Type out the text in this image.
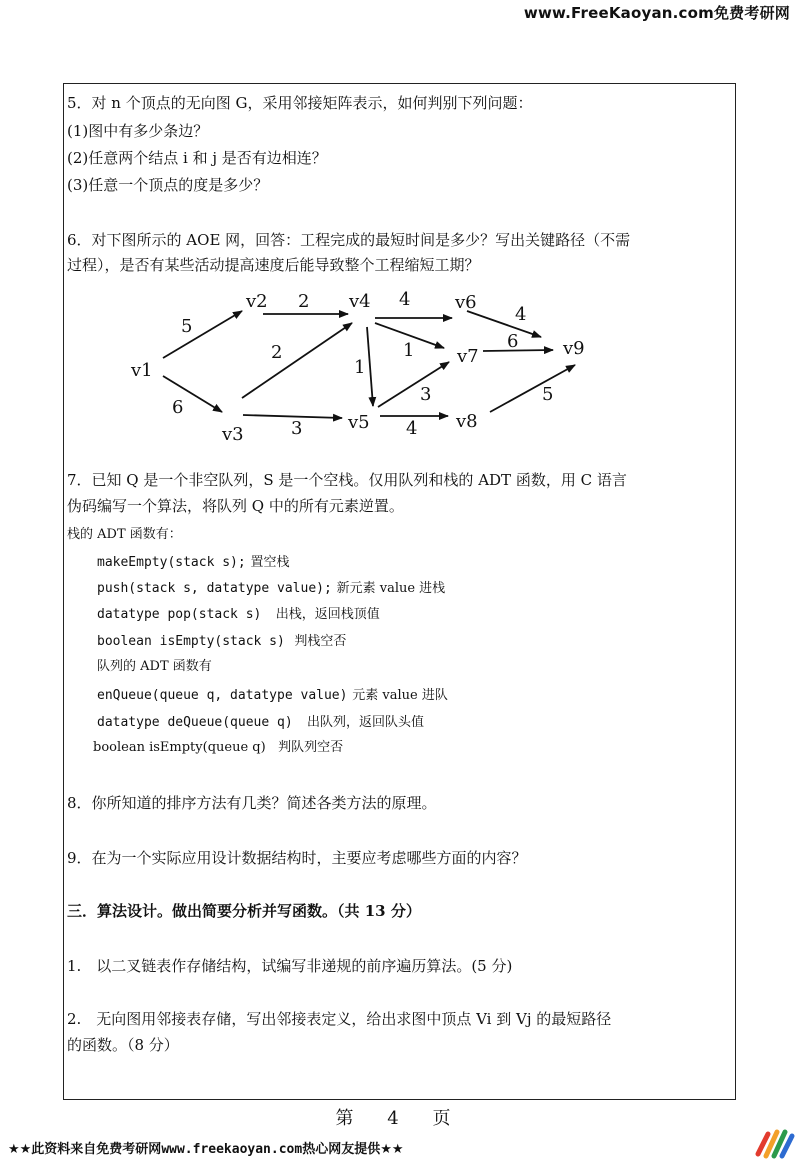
www.FreeKaoyan.com免费考研网
5．对 n 个顶点的无向图 G，采用邻接矩阵表示，如何判别下列问题：
(1)图中有多少条边？
(2)任意两个结点 i 和 j 是否有边相连？
(3)任意一个顶点的度是多少？
6．对下图所示的 AOE 网，回答：工程完成的最短时间是多少？写出关键路径（不需
过程），是否有某些活动提高速度后能导致整个工程缩短工期？
7．已知 Q 是一个非空队列，S 是一个空栈。仅用队列和栈的 ADT 函数，用 C 语言
伪码编写一个算法，将队列 Q 中的所有元素逆置。
栈的 ADT 函数有：
makeEmpty(stack s); 置空栈
push(stack s, datatype value); 新元素 value 进栈
datatype pop(stack s) 出栈，返回栈顶值
boolean isEmpty(stack s) 判栈空否
队列的 ADT 函数有
enQueue(queue q, datatype value) 元素 value 进队
datatype deQueue(queue q) 出队列，返回队头值
boolean isEmpty(queue q) 判队列空否
8．你所知道的排序方法有几类？简述各类方法的原理。
9．在为一个实际应用设计数据结构时，主要应考虑哪些方面的内容？
三．算法设计。做出简要分析并写函数。（共 13 分）
1.　以二叉链表作存储结构，试编写非递规的前序遍历算法。(5 分)
2.　无向图用邻接表存储，写出邻接表定义，给出求图中顶点 Vi 到 Vj 的最短路径
的函数。（8 分）
v1
v2
v3
v4
v5
v6
v7
v8
v9
5
6
2
2
3
1
4
1
3
4
4
6
5
第 4 页
★★此资料来自免费考研网www.freekaoyan.com热心网友提供★★
